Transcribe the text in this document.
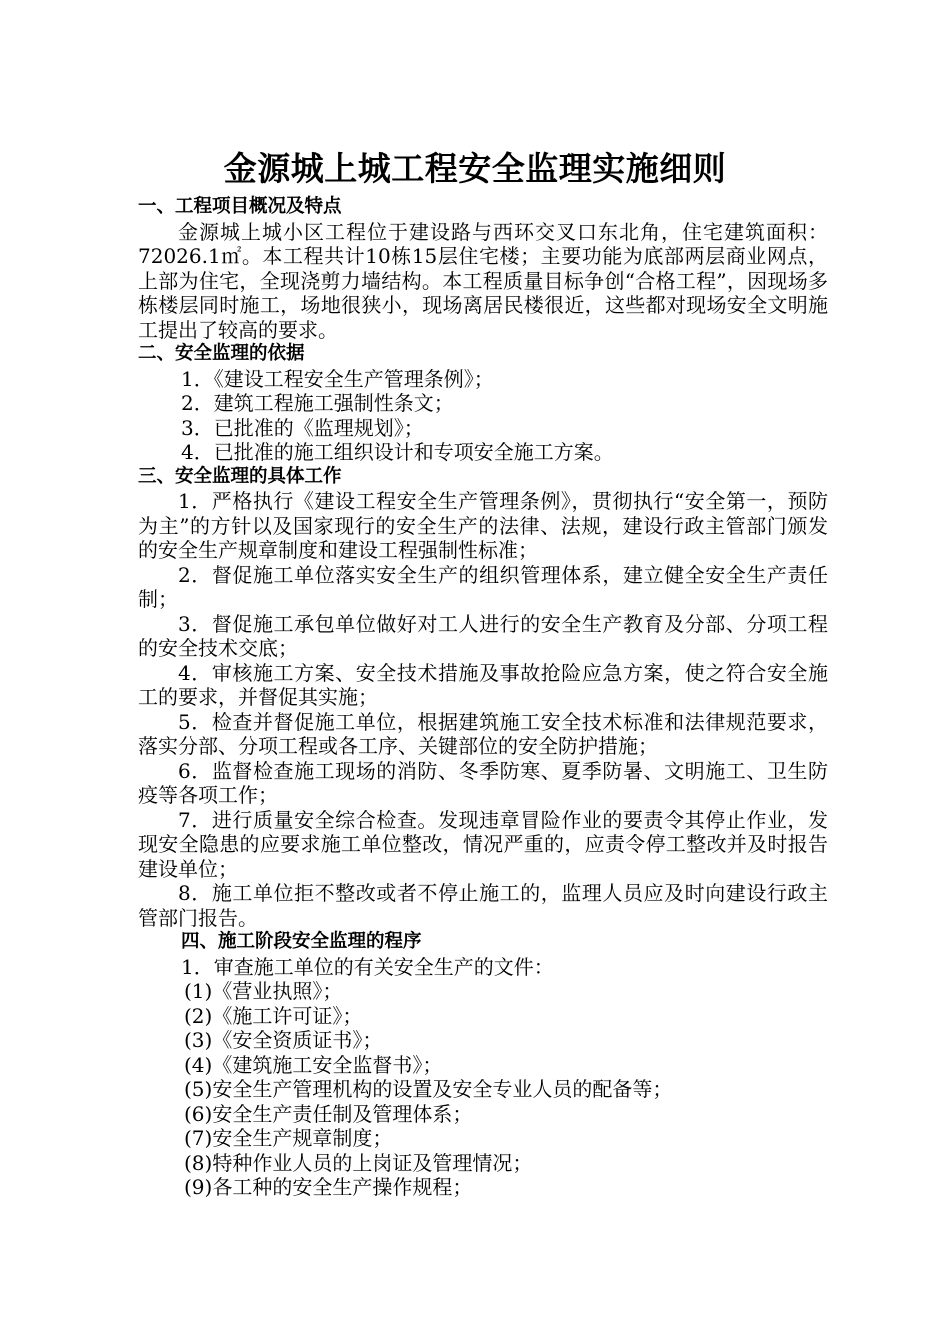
金源城上城工程安全监理实施细则

一、工程项目概况及特点

金源城上城小区工程位于建设路与西环交叉口东北角，住宅建筑面积：72026.1㎡。本工程共计10栋15层住宅楼；主要功能为底部两层商业网点，上部为住宅，全现浇剪力墙结构。本工程质量目标争创“合格工程”，因现场多栋楼层同时施工，场地很狭小，现场离居民楼很近，这些都对现场安全文明施工提出了较高的要求。

二、安全监理的依据

1．《建设工程安全生产管理条例》；

2．建筑工程施工强制性条文；

3．已批准的《监理规划》；

4．已批准的施工组织设计和专项安全施工方案。

三、安全监理的具体工作

1．严格执行《建设工程安全生产管理条例》，贯彻执行“安全第一，预防为主”的方针以及国家现行的安全生产的法律、法规，建设行政主管部门颁发的安全生产规章制度和建设工程强制性标准；

2．督促施工单位落实安全生产的组织管理体系，建立健全安全生产责任制；

3．督促施工承包单位做好对工人进行的安全生产教育及分部、分项工程的安全技术交底；

4．审核施工方案、安全技术措施及事故抢险应急方案，使之符合安全施工的要求，并督促其实施；

5．检查并督促施工单位，根据建筑施工安全技术标准和法律规范要求，落实分部、分项工程或各工序、关键部位的安全防护措施；

6．监督检查施工现场的消防、冬季防寒、夏季防暑、文明施工、卫生防疫等各项工作；

7．进行质量安全综合检查。发现违章冒险作业的要责令其停止作业，发现安全隐患的应要求施工单位整改，情况严重的，应责令停工整改并及时报告建设单位；

8．施工单位拒不整改或者不停止施工的，监理人员应及时向建设行政主管部门报告。

四、施工阶段安全监理的程序

1．审查施工单位的有关安全生产的文件：

(1)《营业执照》；

(2)《施工许可证》；

(3)《安全资质证书》；

(4)《建筑施工安全监督书》；

(5)安全生产管理机构的设置及安全专业人员的配备等；

(6)安全生产责任制及管理体系；

(7)安全生产规章制度；

(8)特种作业人员的上岗证及管理情况；

(9)各工种的安全生产操作规程；
